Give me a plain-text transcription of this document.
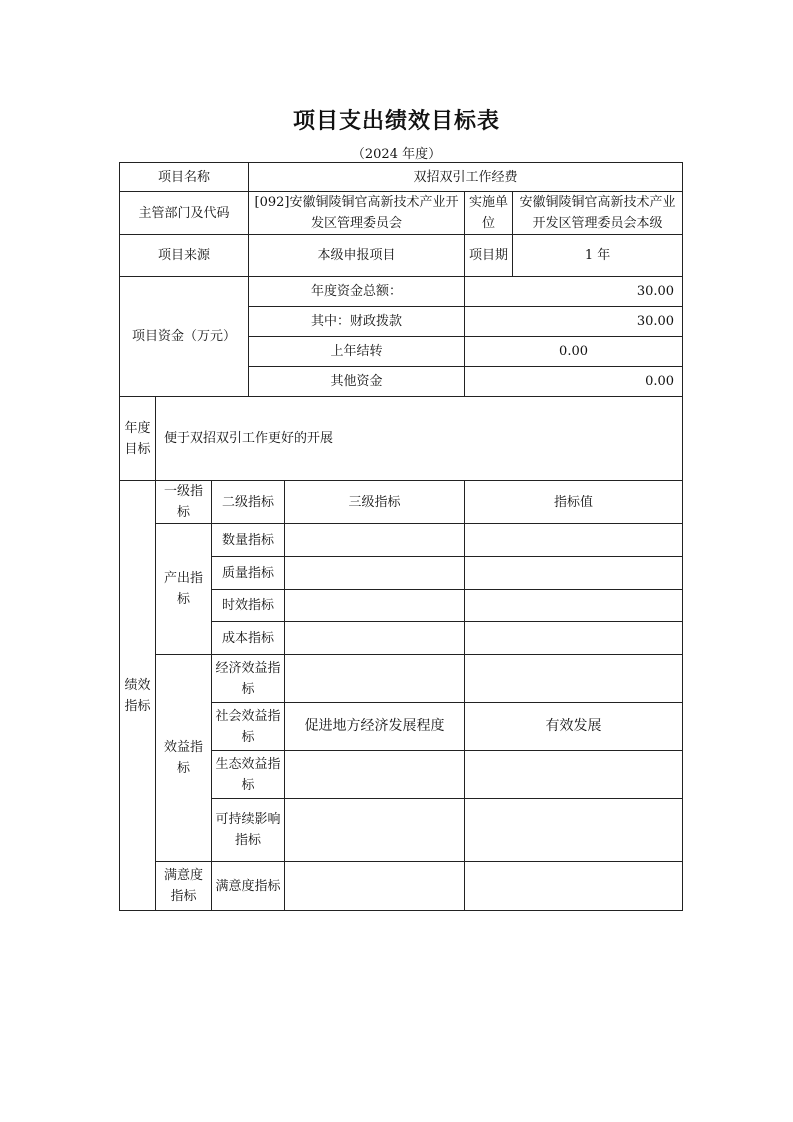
项目支出绩效目标表
（2024 年度）
项目名称			双招双引工作经费			
主管部门及代码			[092]安徽铜陵铜官高新技术产业开发区管理委员会		实施单位	安徽铜陵铜官高新技术产业开发区管理委员会本级
项目来源			本级申报项目		项目期	1 年
项目资金（万元）			年度资金总额：		30.00	
			其中：财政拨款		30.00	
			上年结转		0.00	
			其他资金		0.00	
年度目标	便于双招双引工作更好的开展					
绩效指标	一级指标	二级指标		三级指标	指标值	
	产出指标	数量指标				
		质量指标				
		时效指标				
		成本指标				
	效益指标	经济效益指标				
		社会效益指标		促进地方经济发展程度	有效发展	
		生态效益指标				
		可持续影响指标				
	满意度指标	满意度指标				
